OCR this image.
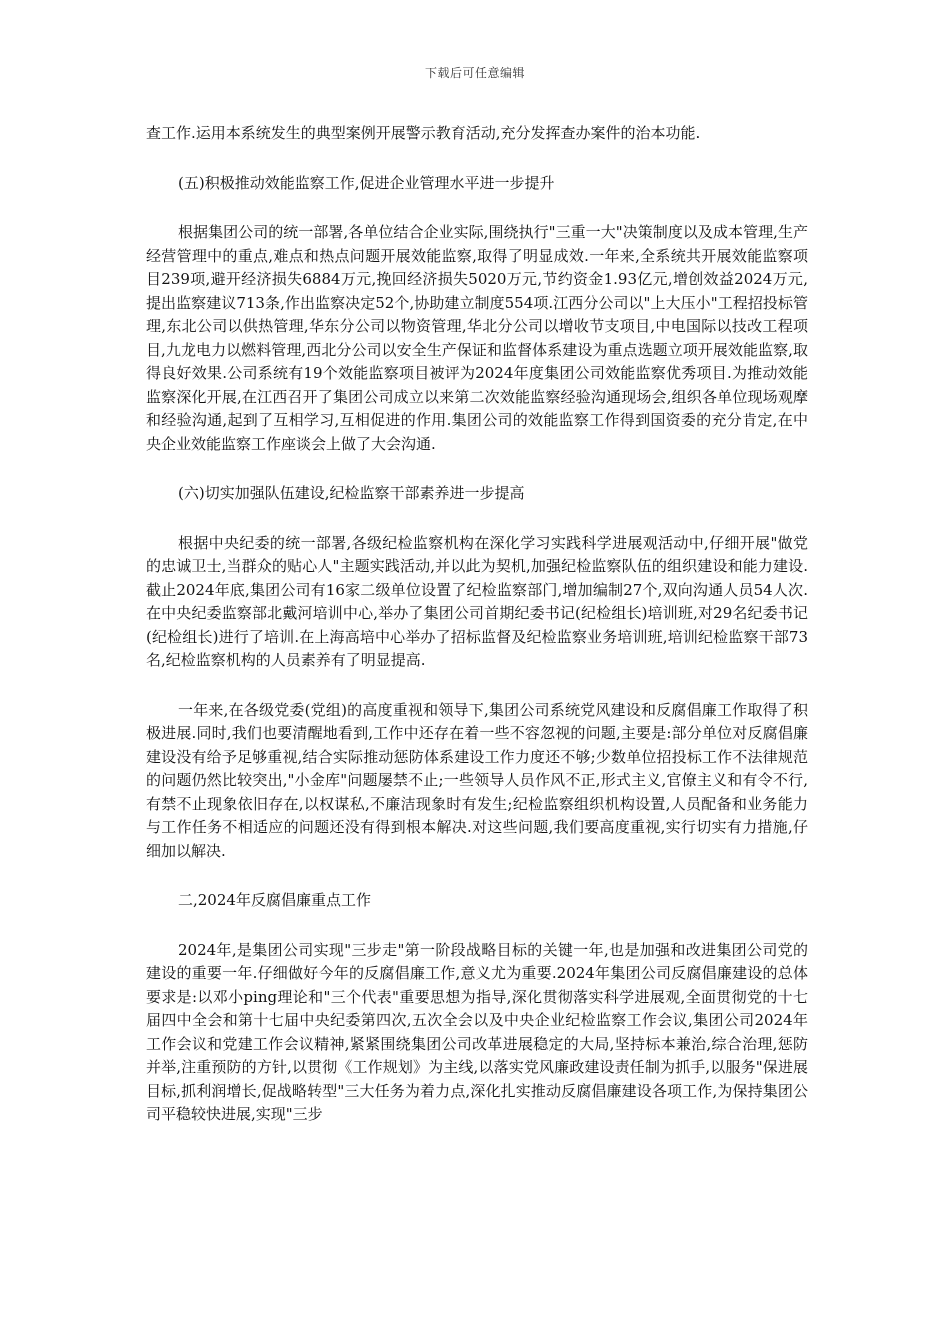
下载后可任意编辑

查工作.运用本系统发生的典型案例开展警示教育活动,充分发挥查办案件的治本功能.

(五)积极推动效能监察工作,促进企业管理水平进一步提升

根据集团公司的统一部署,各单位结合企业实际,围绕执行"三重一大"决策制度以及成本管理,生产经营管理中的重点,难点和热点问题开展效能监察,取得了明显成效.一年来,全系统共开展效能监察项目239项,避开经济损失6884万元,挽回经济损失5020万元,节约资金1.93亿元,增创效益2024万元,提出监察建议713条,作出监察决定52个,协助建立制度554项.江西分公司以"上大压小"工程招投标管理,东北公司以供热管理,华东分公司以物资管理,华北分公司以增收节支项目,中电国际以技改工程项目,九龙电力以燃料管理,西北分公司以安全生产保证和监督体系建设为重点选题立项开展效能监察,取得良好效果.公司系统有19个效能监察项目被评为2024年度集团公司效能监察优秀项目.为推动效能监察深化开展,在江西召开了集团公司成立以来第二次效能监察经验沟通现场会,组织各单位现场观摩和经验沟通,起到了互相学习,互相促进的作用.集团公司的效能监察工作得到国资委的充分肯定,在中央企业效能监察工作座谈会上做了大会沟通.

(六)切实加强队伍建设,纪检监察干部素养进一步提高

根据中央纪委的统一部署,各级纪检监察机构在深化学习实践科学进展观活动中,仔细开展"做党的忠诚卫士,当群众的贴心人"主题实践活动,并以此为契机,加强纪检监察队伍的组织建设和能力建设.截止2024年底,集团公司有16家二级单位设置了纪检监察部门,增加编制27个,双向沟通人员54人次.在中央纪委监察部北戴河培训中心,举办了集团公司首期纪委书记(纪检组长)培训班,对29名纪委书记(纪检组长)进行了培训.在上海高培中心举办了招标监督及纪检监察业务培训班,培训纪检监察干部73名,纪检监察机构的人员素养有了明显提高.

一年来,在各级党委(党组)的高度重视和领导下,集团公司系统党风建设和反腐倡廉工作取得了积极进展.同时,我们也要清醒地看到,工作中还存在着一些不容忽视的问题,主要是:部分单位对反腐倡廉建设没有给予足够重视,结合实际推动惩防体系建设工作力度还不够;少数单位招投标工作不法律规范的问题仍然比较突出,"小金库"问题屡禁不止;一些领导人员作风不正,形式主义,官僚主义和有令不行,有禁不止现象依旧存在,以权谋私,不廉洁现象时有发生;纪检监察组织机构设置,人员配备和业务能力与工作任务不相适应的问题还没有得到根本解决.对这些问题,我们要高度重视,实行切实有力措施,仔细加以解决.

二,2024年反腐倡廉重点工作

2024年,是集团公司实现"三步走"第一阶段战略目标的关键一年,也是加强和改进集团公司党的建设的重要一年.仔细做好今年的反腐倡廉工作,意义尤为重要.2024年集团公司反腐倡廉建设的总体要求是:以邓小ping理论和"三个代表"重要思想为指导,深化贯彻落实科学进展观,全面贯彻党的十七届四中全会和第十七届中央纪委第四次,五次全会以及中央企业纪检监察工作会议,集团公司2024年工作会议和党建工作会议精神,紧紧围绕集团公司改革进展稳定的大局,坚持标本兼治,综合治理,惩防并举,注重预防的方针,以贯彻《工作规划》为主线,以落实党风廉政建设责任制为抓手,以服务"保进展目标,抓利润增长,促战略转型"三大任务为着力点,深化扎实推动反腐倡廉建设各项工作,为保持集团公司平稳较快进展,实现"三步
